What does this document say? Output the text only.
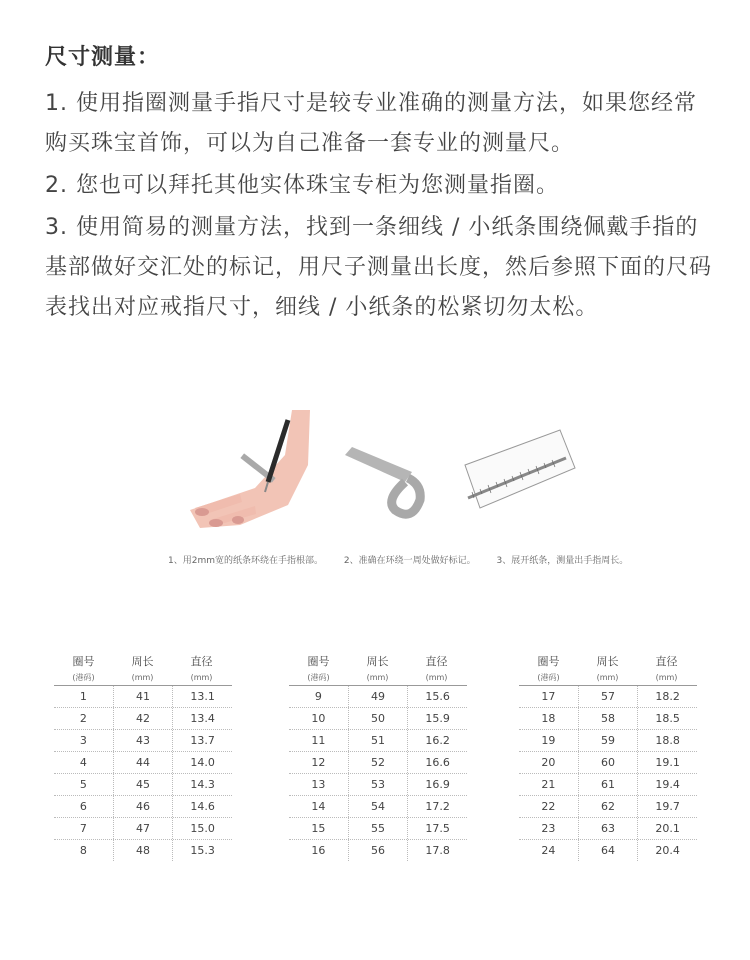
尺寸测量：
1. 使用指圈测量手指尺寸是较专业准确的测量方法，如果您经常购买珠宝首饰，可以为自己准备一套专业的测量尺。
2. 您也可以拜托其他实体珠宝专柜为您测量指圈。
3. 使用简易的测量方法，找到一条细线 / 小纸条围绕佩戴手指的基部做好交汇处的标记，用尺子测量出长度，然后参照下面的尺码表找出对应戒指尺寸，细线 / 小纸条的松紧切勿太松。
1、用2mm宽的纸条环绕在手指根部。 2、准确在环绕一周处做好标记。 3、展开纸条，测量出手指周长。
圈号	周长	直径
(港码)	(mm)	(mm)
1	41	13.1
2	42	13.4
3	43	13.7
4	44	14.0
5	45	14.3
6	46	14.6
7	47	15.0
8	48	15.3
圈号	周长	直径
(港码)	(mm)	(mm)
9	49	15.6
10	50	15.9
11	51	16.2
12	52	16.6
13	53	16.9
14	54	17.2
15	55	17.5
16	56	17.8
圈号	周长	直径
(港码)	(mm)	(mm)
17	57	18.2
18	58	18.5
19	59	18.8
20	60	19.1
21	61	19.4
22	62	19.7
23	63	20.1
24	64	20.4
